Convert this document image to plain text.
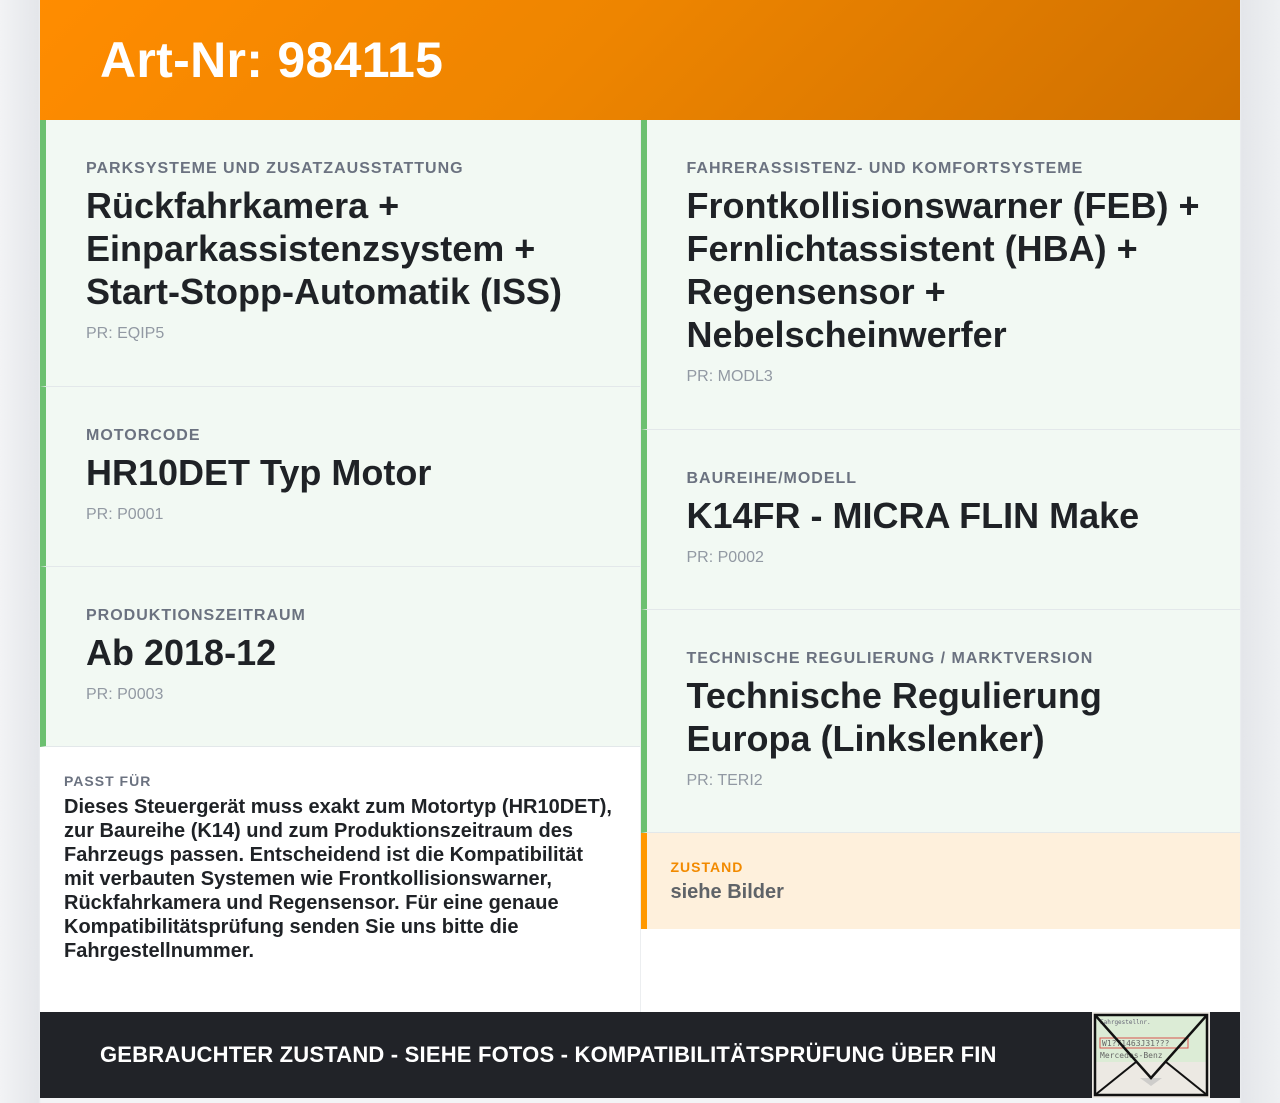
Art-Nr: 984115
PARKSYSTEME UND ZUSATZAUSSTATTUNG

Rückfahrkamera + Einparkassistenzsystem + Start-Stopp-Automatik (ISS)

PR: EQIP5
MOTORCODE

HR10DET Typ Motor

PR: P0001
PRODUKTIONSZEITRAUM

Ab 2018-12

PR: P0003
PASST FÜR

Dieses Steuergerät muss exakt zum Motortyp (HR10DET), zur Baureihe (K14) und zum Produktionszeitraum des Fahrzeugs passen. Entscheidend ist die Kompatibilität mit verbauten Systemen wie Frontkollisionswarner, Rückfahrkamera und Regensensor. Für eine genaue Kompatibilitätsprüfung senden Sie uns bitte die Fahrgestellnummer.

FAHRERASSISTENZ- UND KOMFORTSYSTEME

Frontkollisionswarner (FEB) + Fernlichtassistent (HBA) + Regensensor + Nebelscheinwerfer

PR: MODL3
BAUREIHE/MODELL

K14FR - MICRA FLIN Make

PR: P0002
TECHNISCHE REGULIERUNG / MARKTVERSION

Technische Regulierung Europa (Linkslenker)

PR: TERI2
ZUSTAND
siehe Bilder
GEBRAUCHTER ZUSTAND - SIEHE FOTOS - KOMPATIBILITÄTSPRÜFUNG ÜBER FIN
Fahrgestellnr.
W1?71463J31???
Mercedes-Benz
